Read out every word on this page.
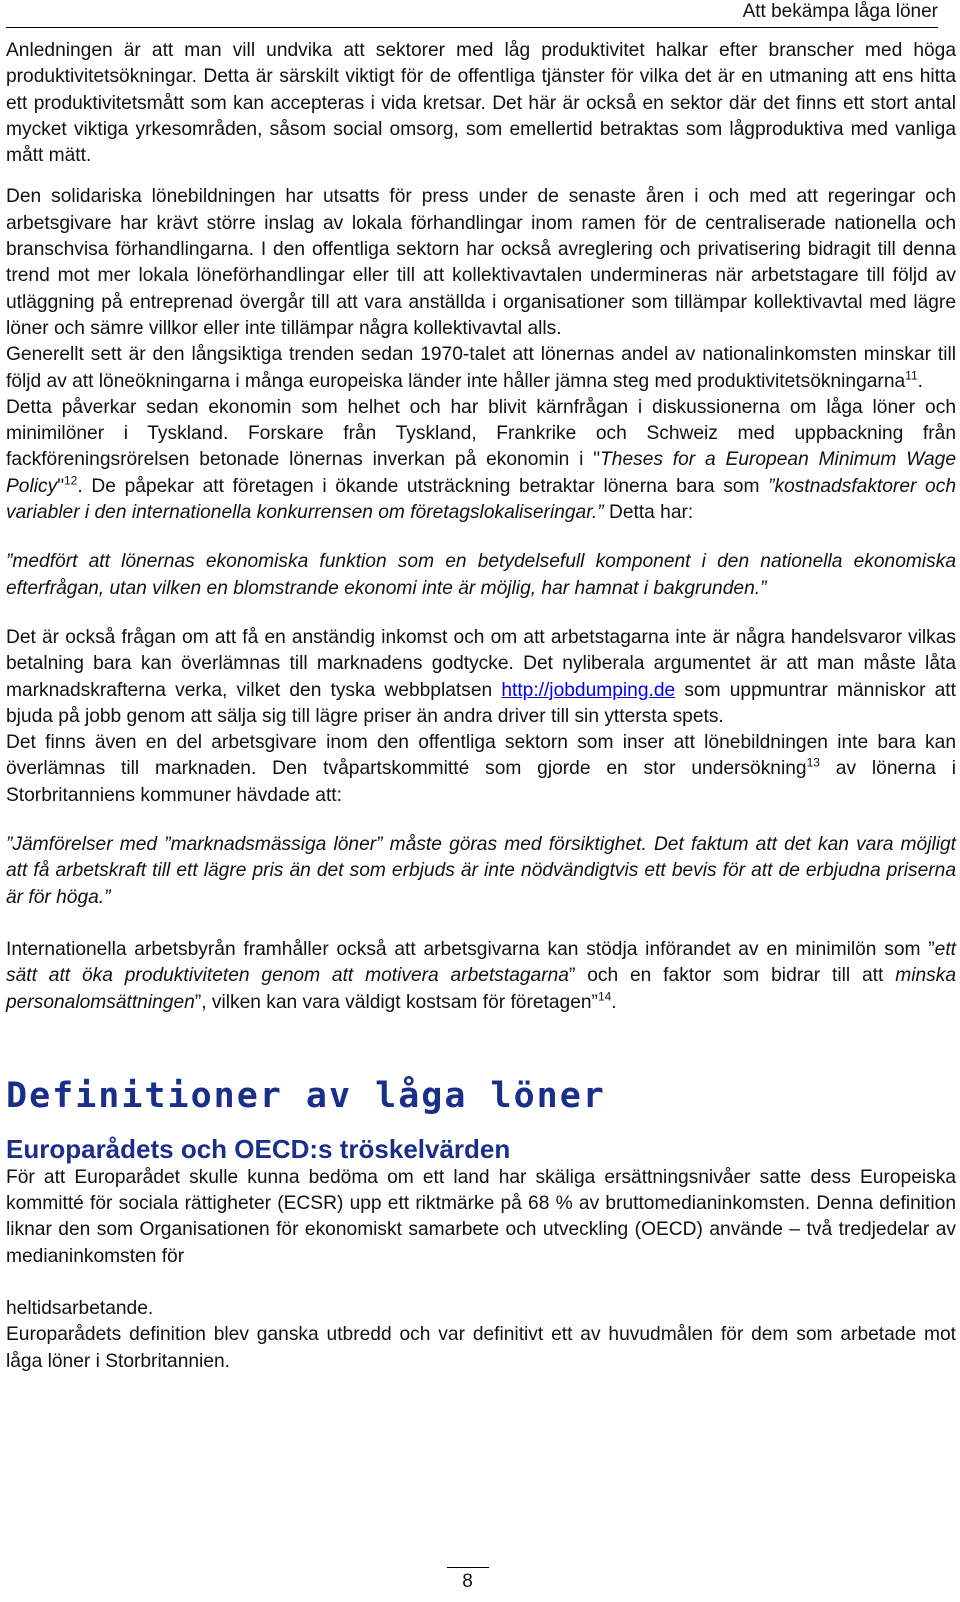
Att bekämpa låga löner

Anledningen är att man vill undvika att sektorer med låg produktivitet halkar efter branscher med höga produktivitetsökningar. Detta är särskilt viktigt för de offentliga tjänster för vilka det är en utmaning att ens hitta ett produktivitetsmått som kan accepteras i vida kretsar. Det här är också en sektor där det finns ett stort antal mycket viktiga yrkesområden, såsom social omsorg, som emellertid betraktas som lågproduktiva med vanliga mått mätt.

Den solidariska lönebildningen har utsatts för press under de senaste åren i och med att regeringar och arbetsgivare har krävt större inslag av lokala förhandlingar inom ramen för de centraliserade nationella och branschvisa förhandlingarna. I den offentliga sektorn har också avreglering och privatisering bidragit till denna trend mot mer lokala löneförhandlingar eller till att kollektivavtalen undermineras när arbetstagare till följd av utläggning på entreprenad övergår till att vara anställda i organisationer som tillämpar kollektivavtal med lägre löner och sämre villkor eller inte tillämpar några kollektivavtal alls.

Generellt sett är den långsiktiga trenden sedan 1970-talet att lönernas andel av nationalinkomsten minskar till följd av att löneökningarna i många europeiska länder inte håller jämna steg med produktivitetsökningarna$^{11}$.

Detta påverkar sedan ekonomin som helhet och har blivit kärnfrågan i diskussionerna om låga löner och minimilöner i Tyskland. Forskare från Tyskland, Frankrike och Schweiz med uppbackning från fackföreningsrörelsen betonade lönernas inverkan på ekonomin i "Theses for a European Minimum Wage Policy"$^{12}$. De påpekar att företagen i ökande utsträckning betraktar lönerna bara som ”kostnadsfaktorer och variabler i den internationella konkurrensen om företagslokaliseringar.” Detta har:

”medfört att lönernas ekonomiska funktion som en betydelsefull komponent i den nationella ekonomiska efterfrågan, utan vilken en blomstrande ekonomi inte är möjlig, har hamnat i bakgrunden.”

Det är också frågan om att få en anständig inkomst och om att arbetstagarna inte är några handelsvaror vilkas betalning bara kan överlämnas till marknadens godtycke. Det nyliberala argumentet är att man måste låta marknadskrafterna verka, vilket den tyska webbplatsen http://jobdumping.de som uppmuntrar människor att bjuda på jobb genom att sälja sig till lägre priser än andra driver till sin yttersta spets.

Det finns även en del arbetsgivare inom den offentliga sektorn som inser att lönebildningen inte bara kan överlämnas till marknaden. Den tvåpartskommitté som gjorde en stor undersökning$^{13}$ av lönerna i Storbritanniens kommuner hävdade att:

”Jämförelser med ”marknadsmässiga löner” måste göras med försiktighet. Det faktum att det kan vara möjligt att få arbetskraft till ett lägre pris än det som erbjuds är inte nödvändigtvis ett bevis för att de erbjudna priserna är för höga.”

Internationella arbetsbyrån framhåller också att arbetsgivarna kan stödja införandet av en minimilön som ”ett sätt att öka produktiviteten genom att motivera arbetstagarna” och en faktor som bidrar till att minska personalomsättningen”, vilken kan vara väldigt kostsam för företagen”$^{14}$.

Definitioner av låga löner
Europarådets och OECD:s tröskelvärden

För att Europarådet skulle kunna bedöma om ett land har skäliga ersättningsnivåer satte dess Europeiska kommitté för sociala rättigheter (ECSR) upp ett riktmärke på 68 % av bruttomedianinkomsten. Denna definition liknar den som Organisationen för ekonomiskt samarbete och utveckling (OECD) använde – två tredjedelar av medianinkomsten för

heltidsarbetande.

Europarådets definition blev ganska utbredd och var definitivt ett av huvudmålen för dem som arbetade mot låga löner i Storbritannien.

8
